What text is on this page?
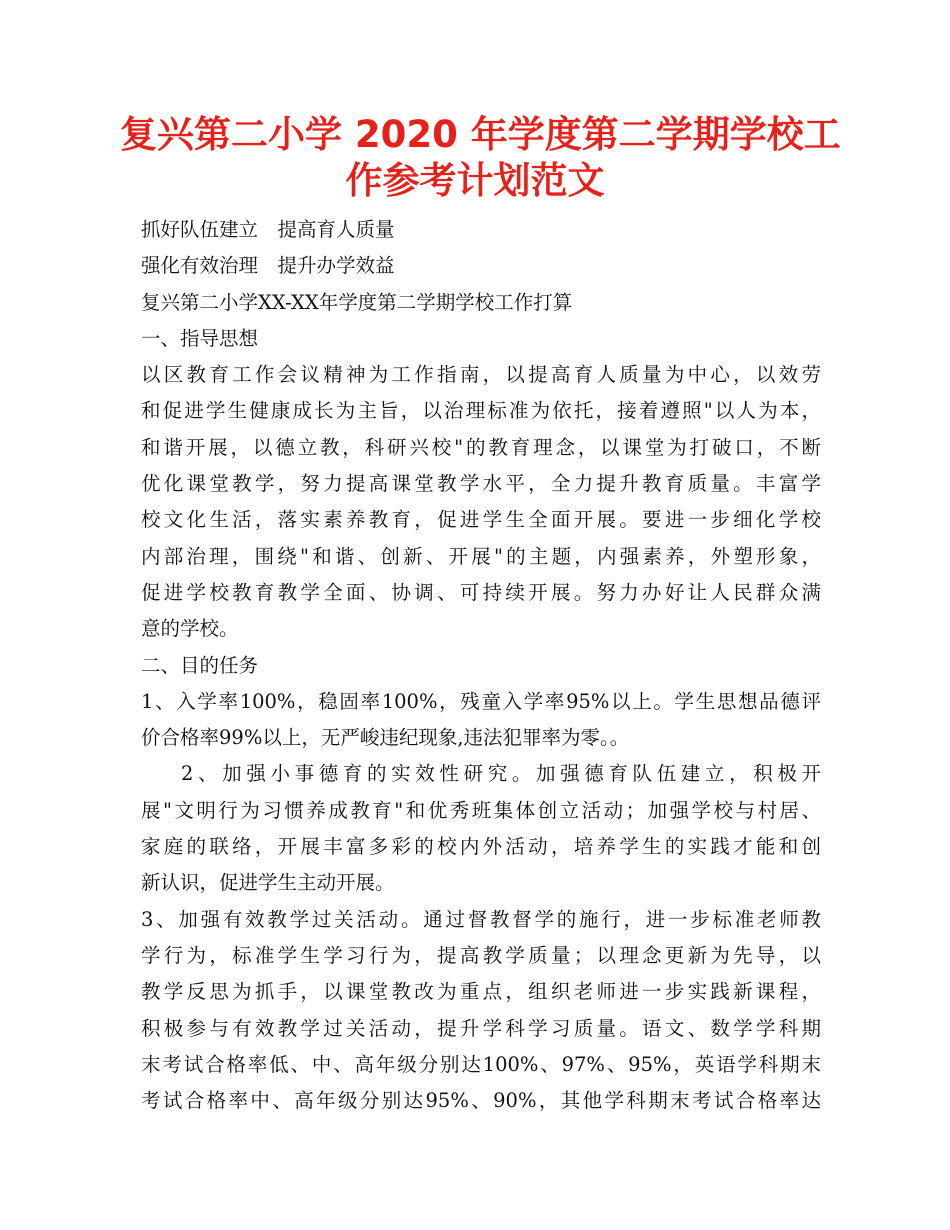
复兴第二小学 2020 年学度第二学期学校工
作参考计划范文
抓好队伍建立　提高育人质量
强化有效治理　提升办学效益
复兴第二小学XX-XX年学度第二学期学校工作打算
一、指导思想
以区教育工作会议精神为工作指南，以提高育人质量为中心，以效劳
和促进学生健康成长为主旨，以治理标准为依托，接着遵照"以人为本，
和谐开展，以德立教，科研兴校"的教育理念，以课堂为打破口，不断
优化课堂教学，努力提高课堂教学水平，全力提升教育质量。丰富学
校文化生活，落实素养教育，促进学生全面开展。要进一步细化学校
内部治理，围绕"和谐、创新、开展"的主题，内强素养，外塑形象，
促进学校教育教学全面、协调、可持续开展。努力办好让人民群众满
意的学校。
二、目的任务
1、入学率100%，稳固率100%，残童入学率95%以上。学生思想品德评
价合格率99%以上，无严峻违纪现象,违法犯罪率为零。。
2、加强小事德育的实效性研究。加强德育队伍建立，积极开
展"文明行为习惯养成教育"和优秀班集体创立活动；加强学校与村居、
家庭的联络，开展丰富多彩的校内外活动，培养学生的实践才能和创
新认识，促进学生主动开展。
3、加强有效教学过关活动。通过督教督学的施行，进一步标准老师教
学行为，标准学生学习行为，提高教学质量；以理念更新为先导，以
教学反思为抓手，以课堂教改为重点，组织老师进一步实践新课程，
积极参与有效教学过关活动，提升学科学习质量。语文、数学学科期
末考试合格率低、中、高年级分别达100%、97%、95%，英语学科期末
考试合格率中、高年级分别达95%、90%，其他学科期末考试合格率达
